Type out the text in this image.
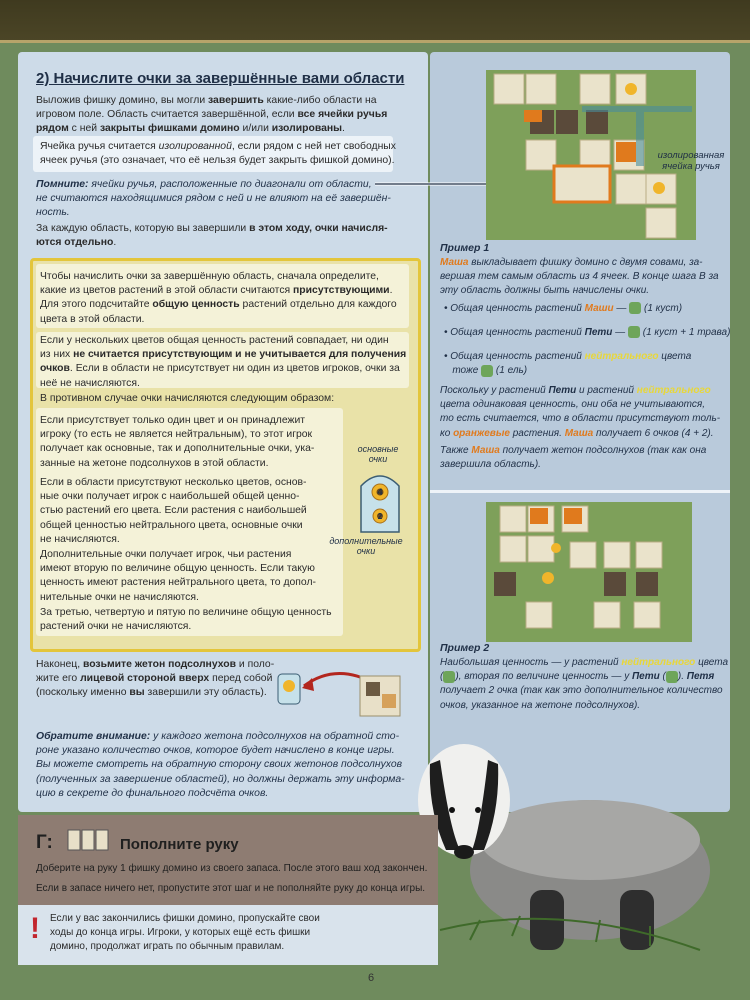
2) Начислите очки за завершённые вами области

Выложив фишку домино, вы могли завершить какие-либо области на
игровом поле. Область считается завершённой, если все ячейки ручья
рядом с ней закрыты фишками домино и/или изолированы.

Ячейка ручья считается изолированной, если рядом с ней нет свободных
ячеек ручья (это означает, что её нельзя будет закрыть фишкой домино).

Помните: ячейки ручья, расположенные по диагонали от области,
не считаются находящимися рядом с ней и не влияют на её завершён-
ность.

За каждую область, которую вы завершили в этом ходу, очки начисля-
ются отдельно.

Чтобы начислить очки за завершённую область, сначала определите,
какие из цветов растений в этой области считаются присутствующими.
Для этого подсчитайте общую ценность растений отдельно для каждого
цвета в этой области.

Если у нескольких цветов общая ценность растений совпадает, ни один
из них не считается присутствующим и не учитывается для получения
очков. Если в области не присутствует ни один из цветов игроков, очки за
неё не начисляются.

В противном случае очки начисляются следующим образом:

Если присутствует только один цвет и он принадлежит
игроку (то есть не является нейтральным), то этот игрок
получает как основные, так и дополнительные очки, ука-
занные на жетоне подсолнухов в этой области.

Если в области присутствуют несколько цветов, основ-
ные очки получает игрок с наибольшей общей ценно-
стью растений его цвета. Если растения с наибольшей
общей ценностью нейтрального цвета, основные очки
не начисляются.

Дополнительные очки получает игрок, чьи растения
имеют вторую по величине общую ценность. Если такую
ценность имеют растения нейтрального цвета, то допол-
нительные очки не начисляются.

За третью, четвертую и пятую по величине общую ценность
растений очки не начисляются.

основные
очки
дополнительные
очки
4
2

Наконец, возьмите жетон подсолнухов и поло-
жите его лицевой стороной вверх перед собой
(поскольку именно вы завершили эту область).

Обратите внимание: у каждого жетона подсолнухов на обратной сто-
роне указано количество очков, которое будет начислено в конце игры.
Вы можете смотреть на обратную сторону своих жетонов подсолнухов
(полученных за завершение областей), но должны держать эту информа-
цию в секрете до финального подсчёта очков.

изолированная
ячейка ручья
Пример 1

Маша выкладывает фишку домино с двумя совами, за-
вершая тем самым область из 4 ячеек. В конце шага В за
эту область должны быть начислены очки.

• Общая ценность растений Маши — (1 куст)

• Общая ценность растений Пети — (1 куст + 1 трава)

• Общая ценность растений нейтрального цвета
тоже (1 ель)

Поскольку у растений Пети и растений нейтрального
цвета одинаковая ценность, они оба не учитываются,
то есть считается, что в области присутствуют толь-
ко оранжевые растения. Маша получает 6 очков (4 + 2).

Также Маша получает жетон подсолнухов (так как она
завершила область).

Пример 2

Наибольшая ценность — у растений нейтрального цвета
( ), вторая по величине ценность — у Пети ( ). Петя
получает 2 очка (так как это дополнительное количество
очков, указанное на жетоне подсолнухов).

Г:	Пополните руку

Доберите на руку 1 фишку домино из своего запаса. После этого ваш ход закончен.

Если в запасе ничего нет, пропустите этот шаг и не пополняйте руку до конца игры.

! Если у вас закончились фишки домино, пропускайте свои
ходы до конца игры. Игроки, у которых ещё есть фишки
домино, продолжат играть по обычным правилам.

6
